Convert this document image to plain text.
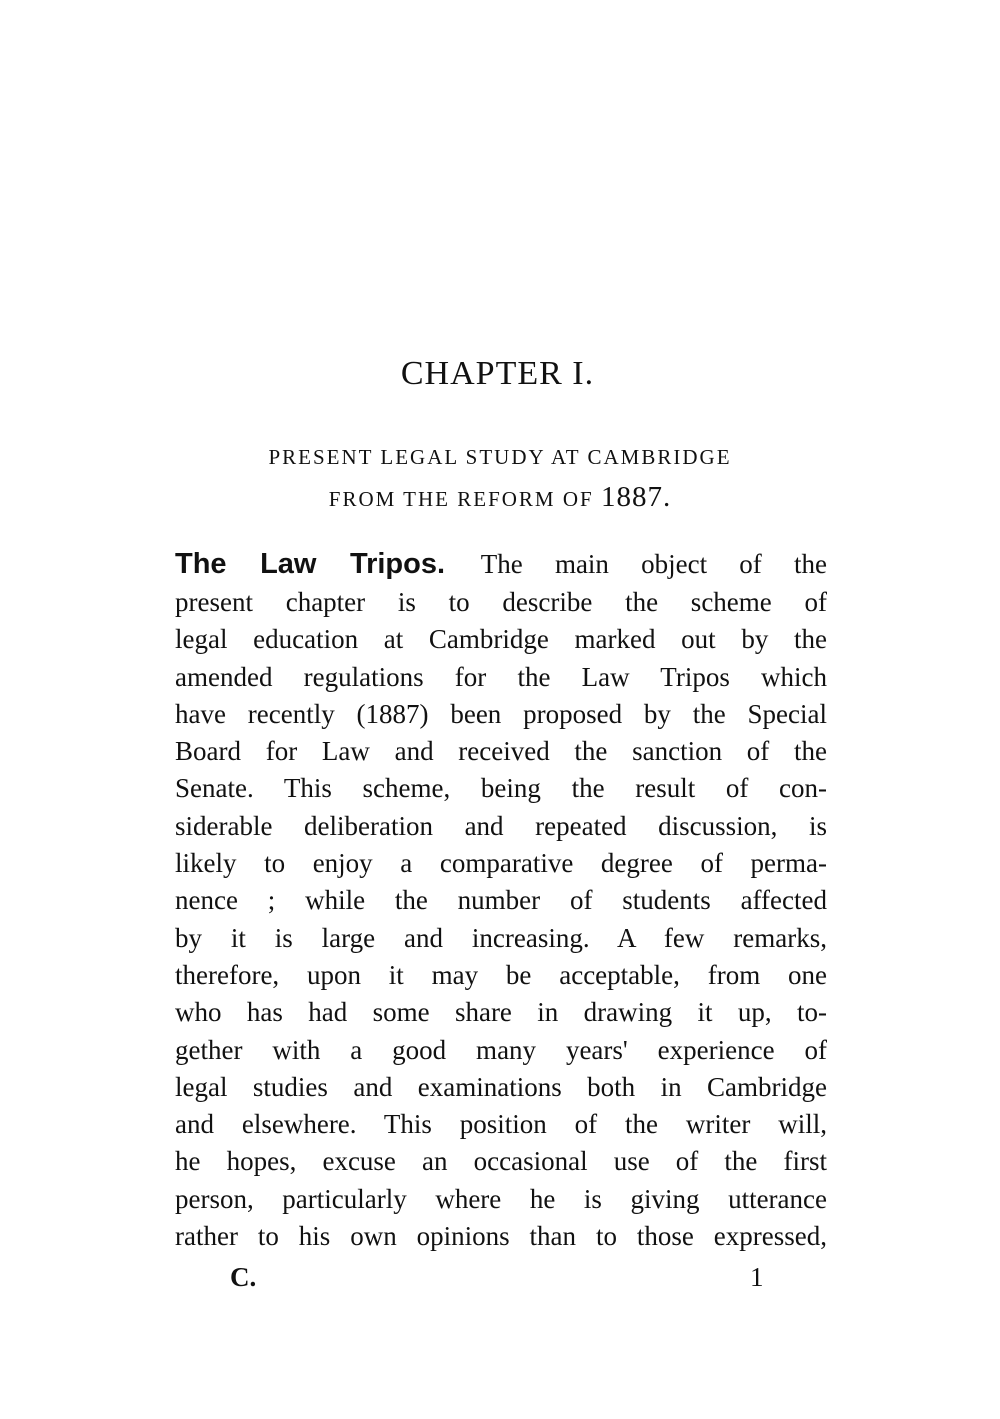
CHAPTER I.
PRESENT LEGAL STUDY AT CAMBRIDGE
FROM THE REFORM OF 1887.
The Law Tripos. The main object of the
present chapter is to describe the scheme of
legal education at Cambridge marked out by the
amended regulations for the Law Tripos which
have recently (1887) been proposed by the Special
Board for Law and received the sanction of the
Senate. This scheme, being the result of con-
siderable deliberation and repeated discussion, is
likely to enjoy a comparative degree of perma-
nence ; while the number of students affected
by it is large and increasing. A few remarks,
therefore, upon it may be acceptable, from one
who has had some share in drawing it up, to-
gether with a good many years' experience of
legal studies and examinations both in Cambridge
and elsewhere. This position of the writer will,
he hopes, excuse an occasional use of the first
person, particularly where he is giving utterance
rather to his own opinions than to those expressed,
C.	1
